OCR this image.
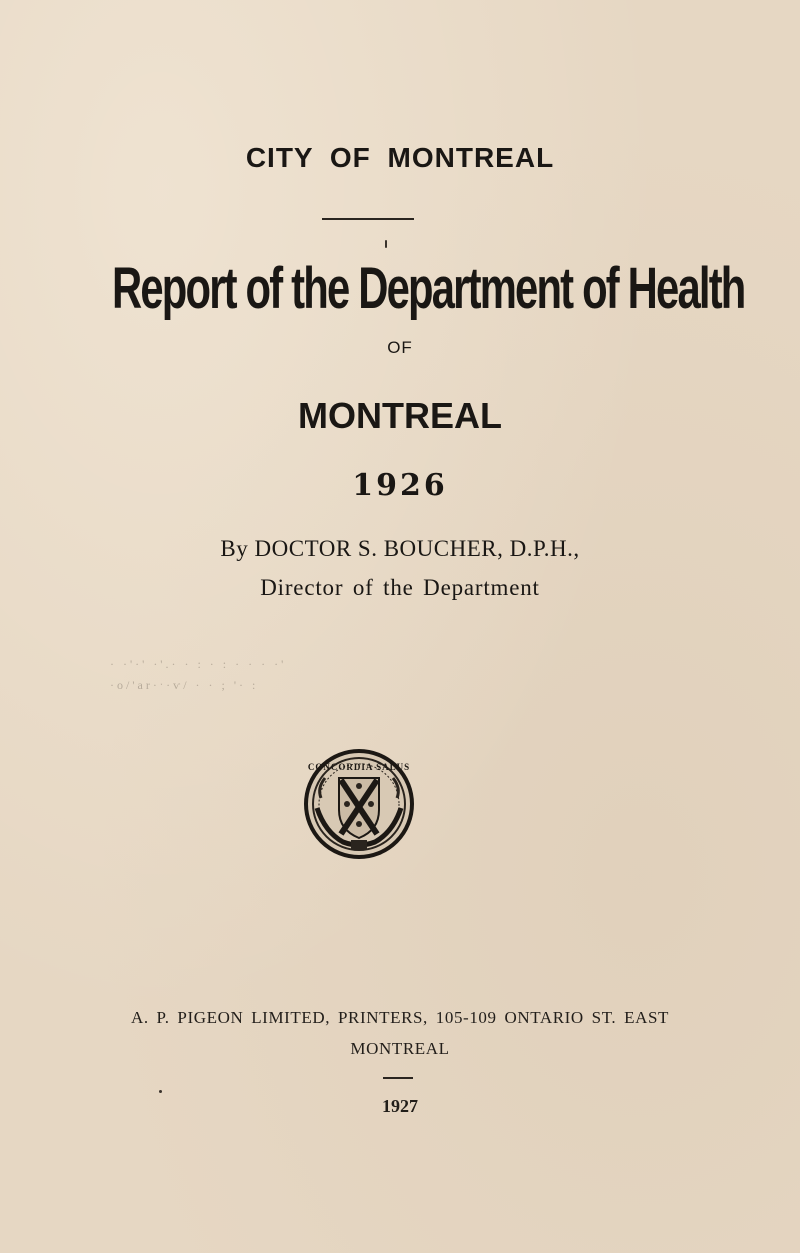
CITY OF MONTREAL
Report of the Department of Health
OF
MONTREAL
1926
By DOCTOR S. BOUCHER, D.P.H.,
Director of the Department
· ·'·' ·'.· · : · : · · · ·'
·ο/'ar·ˑ·ѵ/ · · ; '· :
CONCORDIA SALUS
A. P. PIGEON LIMITED, PRINTERS, 105-109 ONTARIO ST. EAST
MONTREAL
1927
